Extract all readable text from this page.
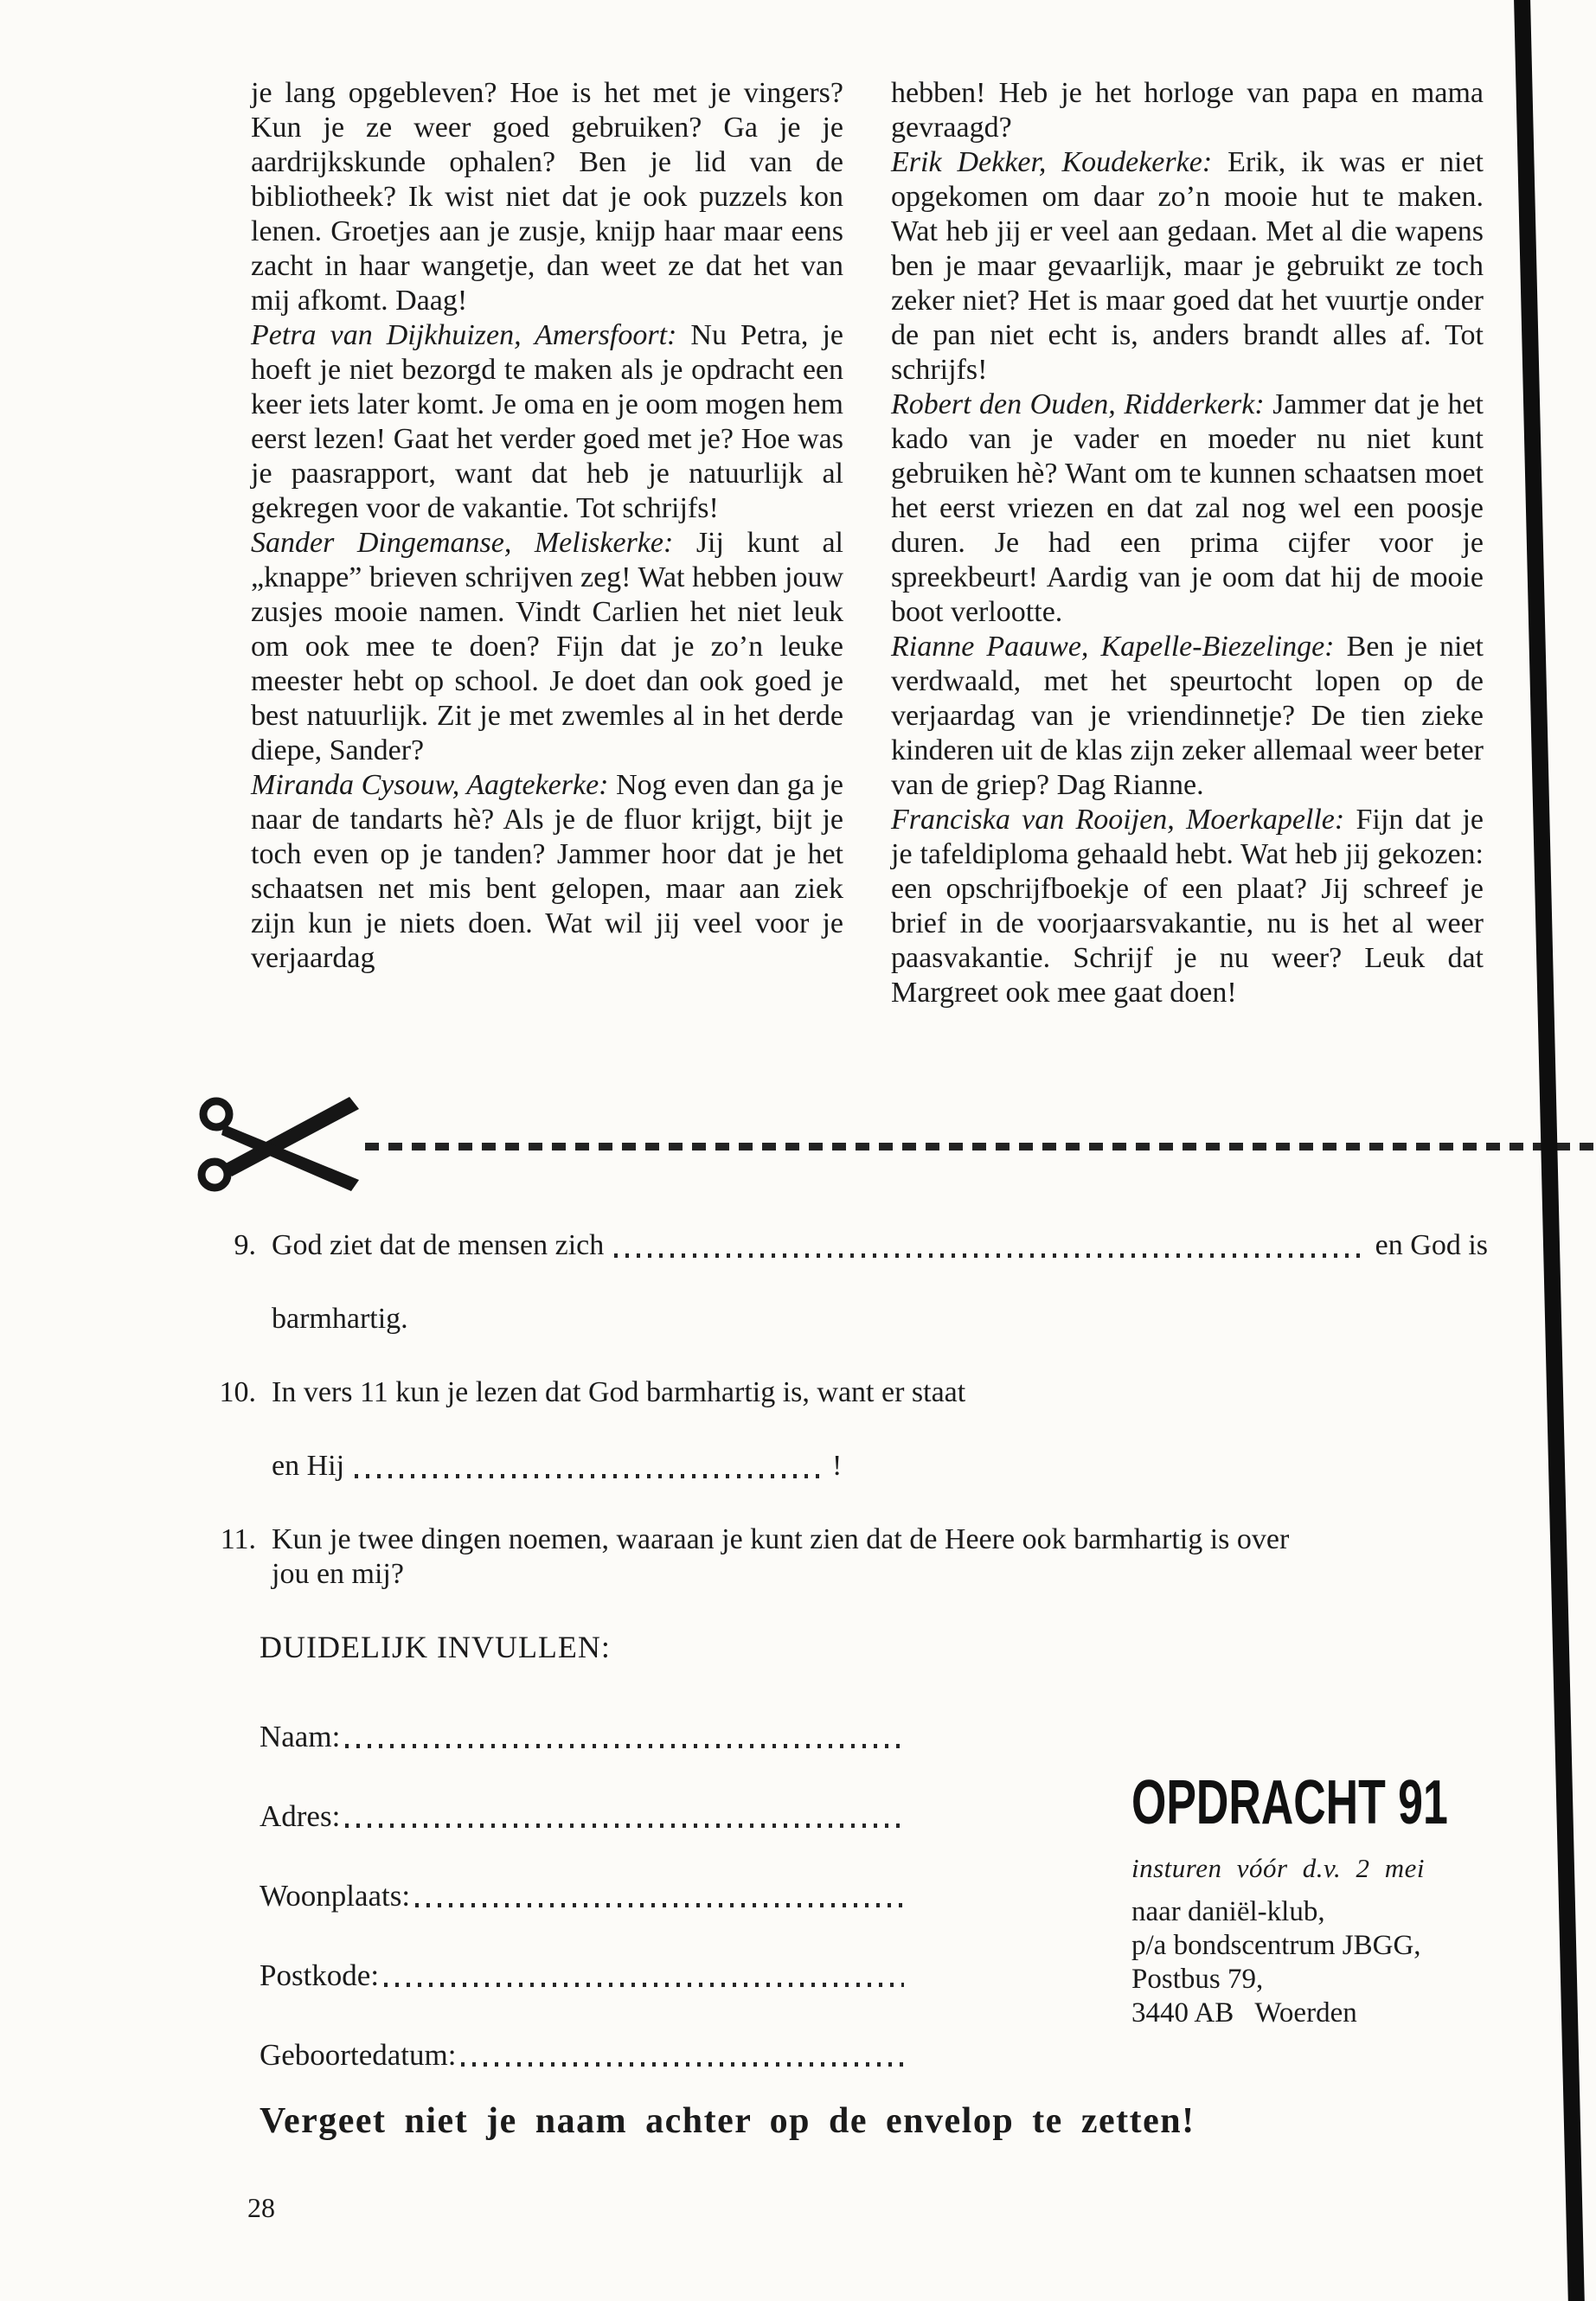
je lang opgebleven? Hoe is het met je vingers? Kun je ze weer goed gebruiken? Ga je je aardrijkskunde ophalen? Ben je lid van de bibliotheek? Ik wist niet dat je ook puzzels kon lenen. Groetjes aan je zusje, knijp haar maar eens zacht in haar wangetje, dan weet ze dat het van mij afkomt. Daag!

Petra van Dijkhuizen, Amersfoort: Nu Petra, je hoeft je niet bezorgd te maken als je opdracht een keer iets later komt. Je oma en je oom mogen hem eerst lezen! Gaat het verder goed met je? Hoe was je paasrapport, want dat heb je natuurlijk al gekregen voor de vakantie. Tot schrijfs!

Sander Dingemanse, Meliskerke: Jij kunt al „knappe” brieven schrijven zeg! Wat hebben jouw zusjes mooie namen. Vindt Carlien het niet leuk om ook mee te doen? Fijn dat je zo’n leuke meester hebt op school. Je doet dan ook goed je best natuurlijk. Zit je met zwemles al in het derde diepe, Sander?

Miranda Cysouw, Aagtekerke: Nog even dan ga je naar de tandarts hè? Als je de fluor krijgt, bijt je toch even op je tanden? Jammer hoor dat je het schaatsen net mis bent gelopen, maar aan ziek zijn kun je niets doen. Wat wil jij veel voor je verjaardag

hebben! Heb je het horloge van papa en mama gevraagd?

Erik Dekker, Koudekerke: Erik, ik was er niet opgekomen om daar zo’n mooie hut te maken. Wat heb jij er veel aan gedaan. Met al die wapens ben je maar gevaarlijk, maar je gebruikt ze toch zeker niet? Het is maar goed dat het vuurtje onder de pan niet echt is, anders brandt alles af. Tot schrijfs!

Robert den Ouden, Ridderkerk: Jammer dat je het kado van je vader en moeder nu niet kunt gebruiken hè? Want om te kunnen schaatsen moet het eerst vriezen en dat zal nog wel een poosje duren. Je had een prima cijfer voor je spreekbeurt! Aardig van je oom dat hij de mooie boot verlootte.

Rianne Paauwe, Kapelle-Biezelinge: Ben je niet verdwaald, met het speurtocht lopen op de verjaardag van je vriendinnetje? De tien zieke kinderen uit de klas zijn zeker allemaal weer beter van de griep? Dag Rianne.

Franciska van Rooijen, Moerkapelle: Fijn dat je je tafeldiploma gehaald hebt. Wat heb jij gekozen: een opschrijfboekje of een plaat? Jij schreef je brief in de voorjaarsvakantie, nu is het al weer paasvakantie. Schrijf je nu weer? Leuk dat Margreet ook mee gaat doen!

9. God ziet dat de mensen zich	en God is
barmhartig.
10. In vers 11 kun je lezen dat God barmhartig is, want er staat
en Hij	!
11. Kun je twee dingen noemen, waaraan je kunt zien dat de Heere ook barmhartig is over
jou en mij?
DUIDELIJK INVULLEN:
Naam:
Adres:
Woonplaats:
Postkode:
Geboortedatum:
OPDRACHT 91
insturen vóór d.v. 2 mei
naar daniël-klub,
p/a bondscentrum JBGG,
Postbus 79,
3440 AB   Woerden
Vergeet niet je naam achter op de envelop te zetten!
28
